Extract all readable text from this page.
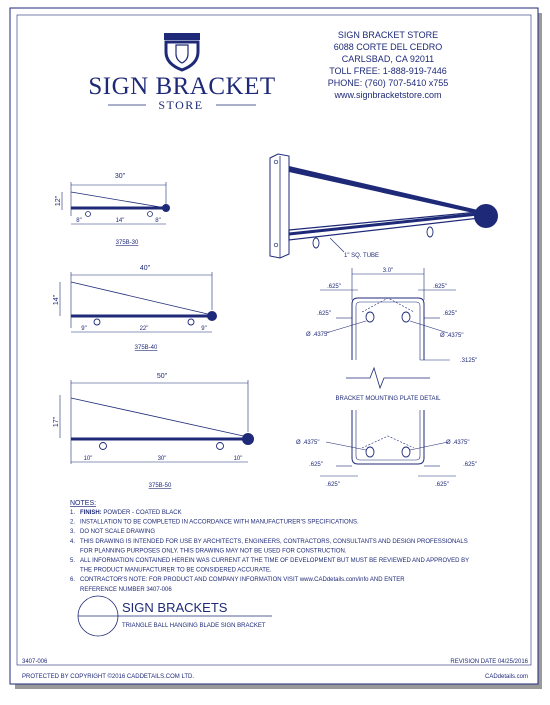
SIGN BRACKET
STORE
SIGN BRACKET STORE
6088 CORTE DEL CEDRO
CARLSBAD, CA 92011
TOLL FREE: 1-888-919-7446
PHONE: (760) 707-5410 x755
www.signbracketstore.com
30"
12"
8"	14"	8"
375B-30
40"
14"
9"	22"	9"
375B-40
50"
17"
10"	30"	10"
375B-50
1" SQ. TUBE
3.0"
.625"	.625"
.625"	.625"
Ø .4375"	Ø .4375"
.3125"
BRACKET MOUNTING PLATE DETAIL
Ø .4375"	Ø .4375"
.625"	.625"
.625"	.625"
NOTES:
1. FINISH: POWDER - COATED BLACK
2. INSTALLATION TO BE COMPLETED IN ACCORDANCE WITH MANUFACTURER'S SPECIFICATIONS.
3. DO NOT SCALE DRAWING
4. THIS DRAWING IS INTENDED FOR USE BY ARCHITECTS, ENGINEERS, CONTRACTORS, CONSULTANTS AND DESIGN PROFESSIONALS
FOR PLANNING PURPOSES ONLY. THIS DRAWING MAY NOT BE USED FOR CONSTRUCTION.
5. ALL INFORMATION CONTAINED HEREIN WAS CURRENT AT THE TIME OF DEVELOPMENT BUT MUST BE REVIEWED AND APPROVED BY
THE PRODUCT MANUFACTURER TO BE CONSIDERED ACCURATE.
6. CONTRACTOR'S NOTE: FOR PRODUCT AND COMPANY INFORMATION VISIT www.CADdetails.com/info AND ENTER
REFERENCE NUMBER 3407-006
SIGN BRACKETS
TRIANGLE BALL HANGING BLADE SIGN BRACKET
3407-006	REVISION DATE 04/25/2016
PROTECTED BY COPYRIGHT ©2016 CADDETAILS.COM LTD.	CADdetails.com
